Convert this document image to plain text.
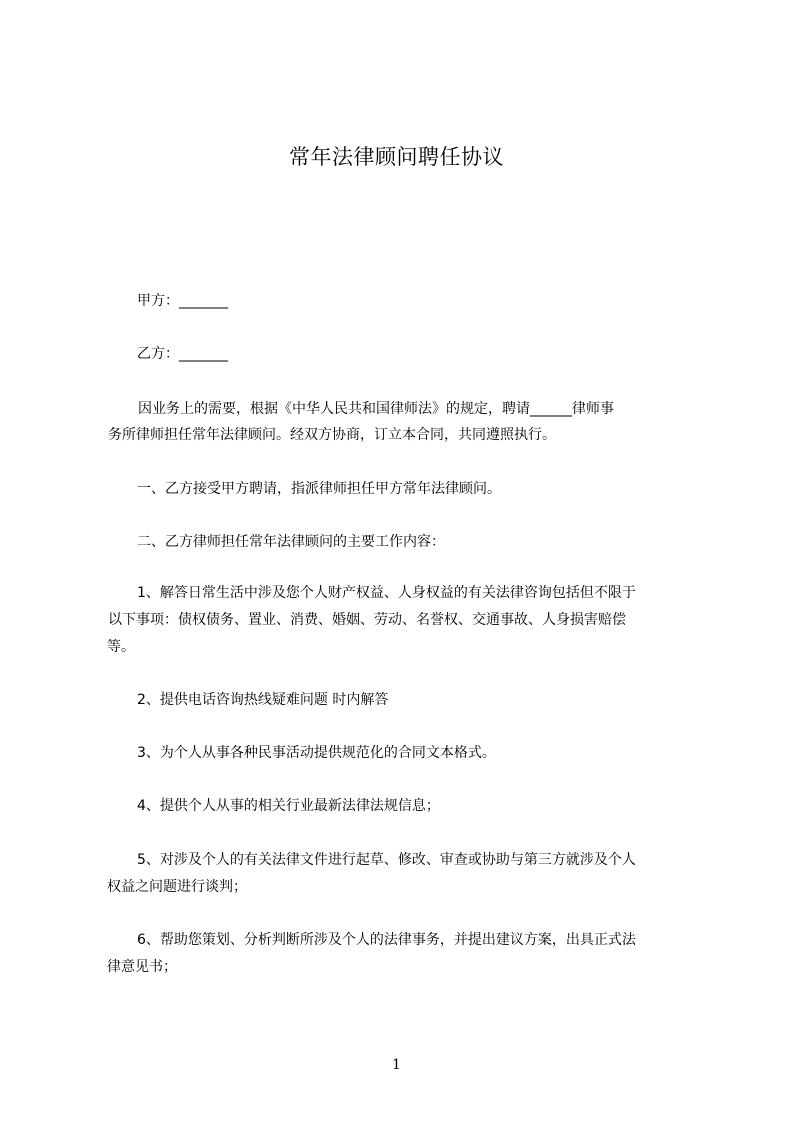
常年法律顾问聘任协议
甲方：_______
乙方：_______
因业务上的需要，根据《中华人民共和国律师法》的规定，聘请______律师事
务所律师担任常年法律顾问。经双方协商，订立本合同，共同遵照执行。
一、乙方接受甲方聘请，指派律师担任甲方常年法律顾问。
二、乙方律师担任常年法律顾问的主要工作内容：
1、解答日常生活中涉及您个人财产权益、人身权益的有关法律咨询包括但不限于
以下事项：债权债务、置业、消费、婚姻、劳动、名誉权、交通事故、人身损害赔偿
等。
2、提供电话咨询热线疑难问题 时内解答
3、为个人从事各种民事活动提供规范化的合同文本格式。
4、提供个人从事的相关行业最新法律法规信息；
5、对涉及个人的有关法律文件进行起草、修改、审查或协助与第三方就涉及个人
权益之问题进行谈判；
6、帮助您策划、分析判断所涉及个人的法律事务，并提出建议方案，出具正式法
律意见书；
1
